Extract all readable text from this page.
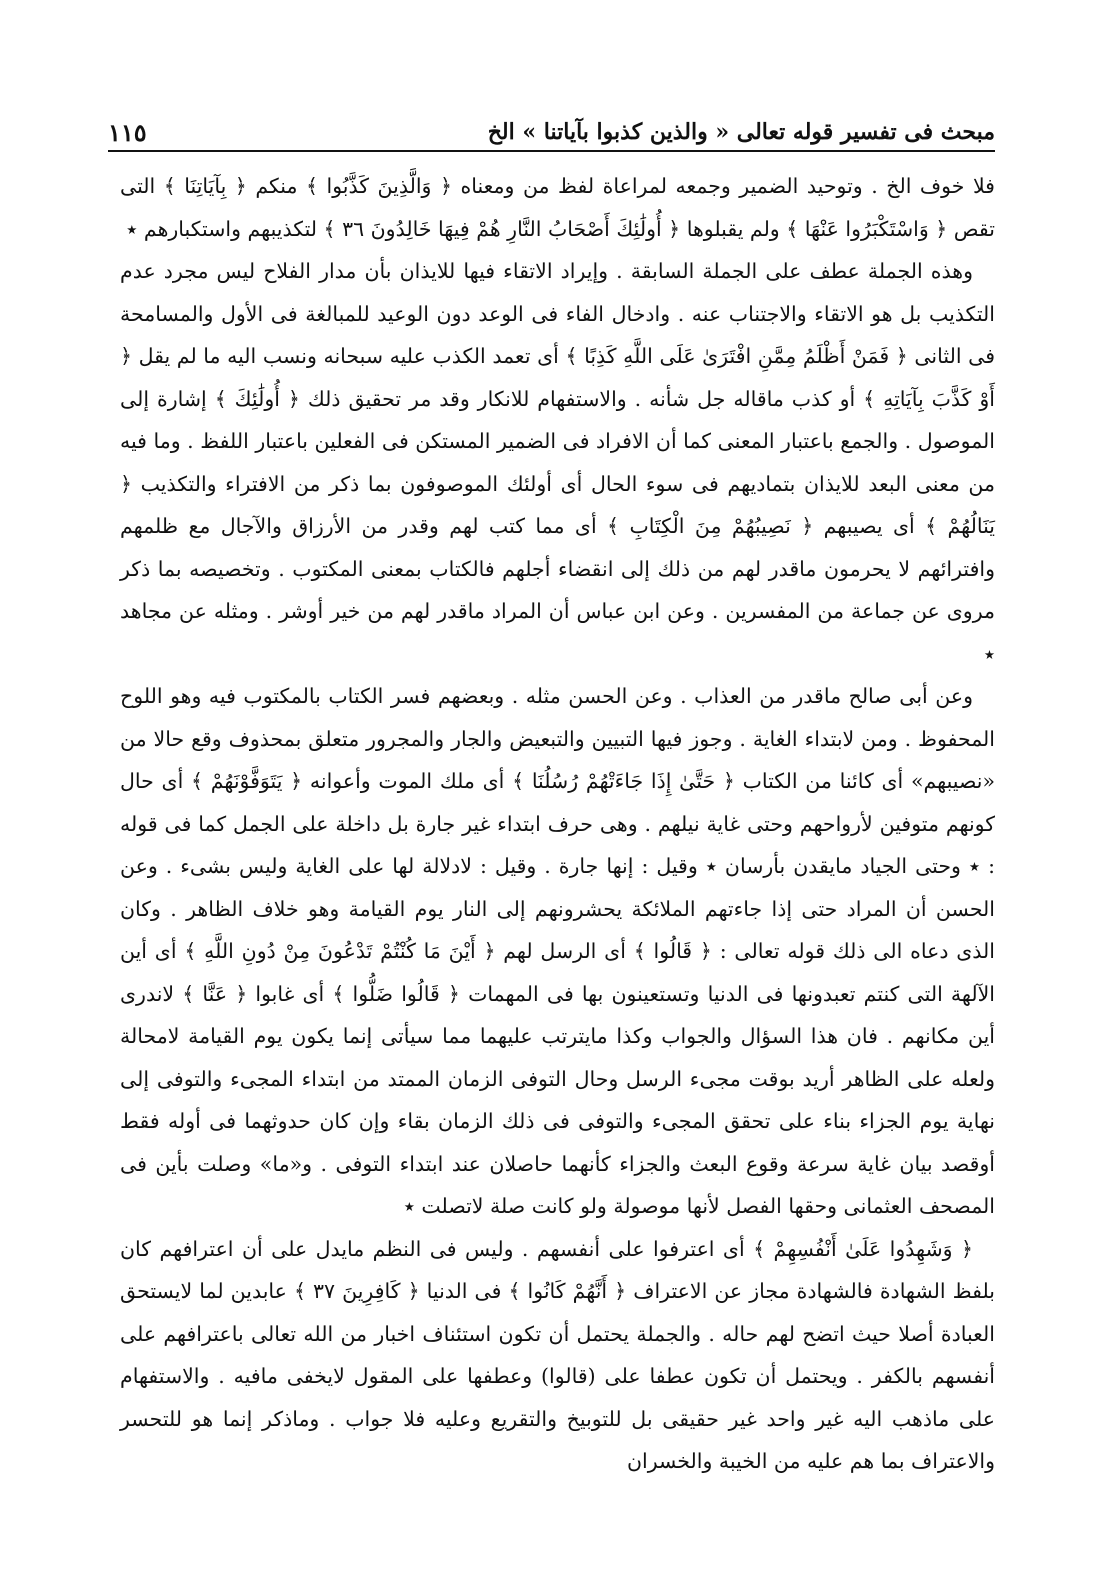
مبحث فى تفسير قوله تعالى « والذين كذبوا بآياتنا » الخ
١١٥

فلا خوف الخ . وتوحيد الضمير وجمعه لمراعاة لفظ من ومعناه ﴿ وَالَّذِينَ كَذَّبُوا ﴾ منكم ﴿ بِآيَاتِنَا ﴾ التى تقص ﴿ وَاسْتَكْبَرُوا عَنْهَا ﴾ ولم يقبلوها ﴿ أُولَٰئِكَ أَصْحَابُ النَّارِ هُمْ فِيهَا خَالِدُونَ ٣٦ ﴾ لتكذيبهم واستكبارهم ٭

وهذه الجملة عطف على الجملة السابقة . وإيراد الاتقاء فيها للايذان بأن مدار الفلاح ليس مجرد عدم التكذيب بل هو الاتقاء والاجتناب عنه . وادخال الفاء فى الوعد دون الوعيد للمبالغة فى الأول والمسامحة فى الثانى ﴿ فَمَنْ أَظْلَمُ مِمَّنِ افْتَرَىٰ عَلَى اللَّهِ كَذِبًا ﴾ أى تعمد الكذب عليه سبحانه ونسب اليه ما لم يقل ﴿ أَوْ كَذَّبَ بِآيَاتِهِ ﴾ أو كذب ماقاله جل شأنه . والاستفهام للانكار وقد مر تحقيق ذلك ﴿ أُولَٰئِكَ ﴾ إشارة إلى الموصول . والجمع باعتبار المعنى كما أن الافراد فى الضمير المستكن فى الفعلين باعتبار اللفظ . وما فيه من معنى البعد للايذان بتماديهم فى سوء الحال أى أولئك الموصوفون بما ذكر من الافتراء والتكذيب ﴿ يَنَالُهُمْ ﴾ أى يصيبهم ﴿ نَصِيبُهُمْ مِنَ الْكِتَابِ ﴾ أى مما كتب لهم وقدر من الأرزاق والآجال مع ظلمهم وافترائهم لا يحرمون ماقدر لهم من ذلك إلى انقضاء أجلهم فالكتاب بمعنى المكتوب . وتخصيصه بما ذكر مروى عن جماعة من المفسرين . وعن ابن عباس أن المراد ماقدر لهم من خير أوشر . ومثله عن مجاهد ٭

وعن أبى صالح ماقدر من العذاب . وعن الحسن مثله . وبعضهم فسر الكتاب بالمكتوب فيه وهو اللوح المحفوظ . ومن لابتداء الغاية . وجوز فيها التبيين والتبعيض والجار والمجرور متعلق بمحذوف وقع حالا من «نصيبهم» أى كائنا من الكتاب ﴿ حَتَّىٰ إِذَا جَاءَتْهُمْ رُسُلُنَا ﴾ أى ملك الموت وأعوانه ﴿ يَتَوَفَّوْنَهُمْ ﴾ أى حال كونهم متوفين لأرواحهم وحتى غاية نيلهم . وهى حرف ابتداء غير جارة بل داخلة على الجمل كما فى قوله : ٭ وحتى الجياد مايقدن بأرسان ٭ وقيل : إنها جارة . وقيل : لادلالة لها على الغاية وليس بشىء . وعن الحسن أن المراد حتى إذا جاءتهم الملائكة يحشرونهم إلى النار يوم القيامة وهو خلاف الظاهر . وكان الذى دعاه الى ذلك قوله تعالى : ﴿ قَالُوا ﴾ أى الرسل لهم ﴿ أَيْنَ مَا كُنْتُمْ تَدْعُونَ مِنْ دُونِ اللَّهِ ﴾ أى أين الآلهة التى كنتم تعبدونها فى الدنيا وتستعينون بها فى المهمات ﴿ قَالُوا ضَلُّوا ﴾ أى غابوا ﴿ عَنَّا ﴾ لاندرى أين مكانهم . فان هذا السؤال والجواب وكذا مايترتب عليهما مما سيأتى إنما يكون يوم القيامة لامحالة ولعله على الظاهر أريد بوقت مجىء الرسل وحال التوفى الزمان الممتد من ابتداء المجىء والتوفى إلى نهاية يوم الجزاء بناء على تحقق المجىء والتوفى فى ذلك الزمان بقاء وإن كان حدوثهما فى أوله فقط أوقصد بيان غاية سرعة وقوع البعث والجزاء كأنهما حاصلان عند ابتداء التوفى . و«ما» وصلت بأين فى المصحف العثمانى وحقها الفصل لأنها موصولة ولو كانت صلة لاتصلت ٭

﴿ وَشَهِدُوا عَلَىٰ أَنْفُسِهِمْ ﴾ أى اعترفوا على أنفسهم . وليس فى النظم مايدل على أن اعترافهم كان بلفظ الشهادة فالشهادة مجاز عن الاعتراف ﴿ أَنَّهُمْ كَانُوا ﴾ فى الدنيا ﴿ كَافِرِينَ ٣٧ ﴾ عابدين لما لايستحق العبادة أصلا حيث اتضح لهم حاله . والجملة يحتمل أن تكون استئناف اخبار من الله تعالى باعترافهم على أنفسهم بالكفر . ويحتمل أن تكون عطفا على (قالوا) وعطفها على المقول لايخفى مافيه . والاستفهام على ماذهب اليه غير واحد غير حقيقى بل للتوبيخ والتقريع وعليه فلا جواب . وماذكر إنما هو للتحسر والاعتراف بما هم عليه من الخيبة والخسران
